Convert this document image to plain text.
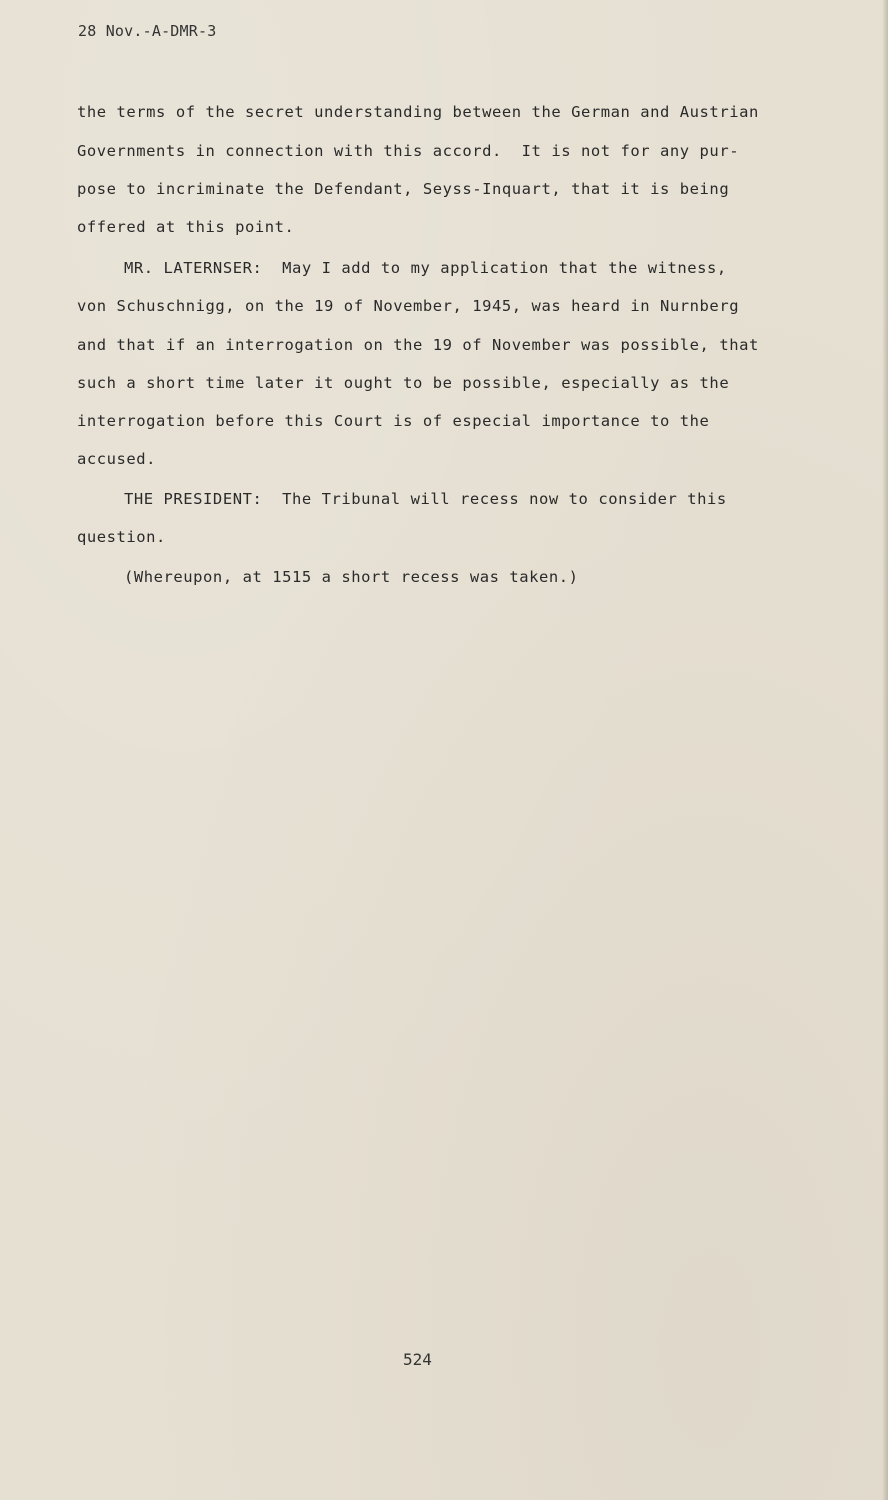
28 Nov.-A-DMR-3
the terms of the secret understanding between the German and Austrian
Governments in connection with this accord.  It is not for any pur-
pose to incriminate the Defendant, Seyss-Inquart, that it is being
offered at this point.
MR. LATERNSER:  May I add to my application that the witness,
von Schuschnigg, on the 19 of November, 1945, was heard in Nurnberg
and that if an interrogation on the 19 of November was possible, that
such a short time later it ought to be possible, especially as the
interrogation before this Court is of especial importance to the
accused.
THE PRESIDENT:  The Tribunal will recess now to consider this
question.
(Whereupon, at 1515 a short recess was taken.)
524
